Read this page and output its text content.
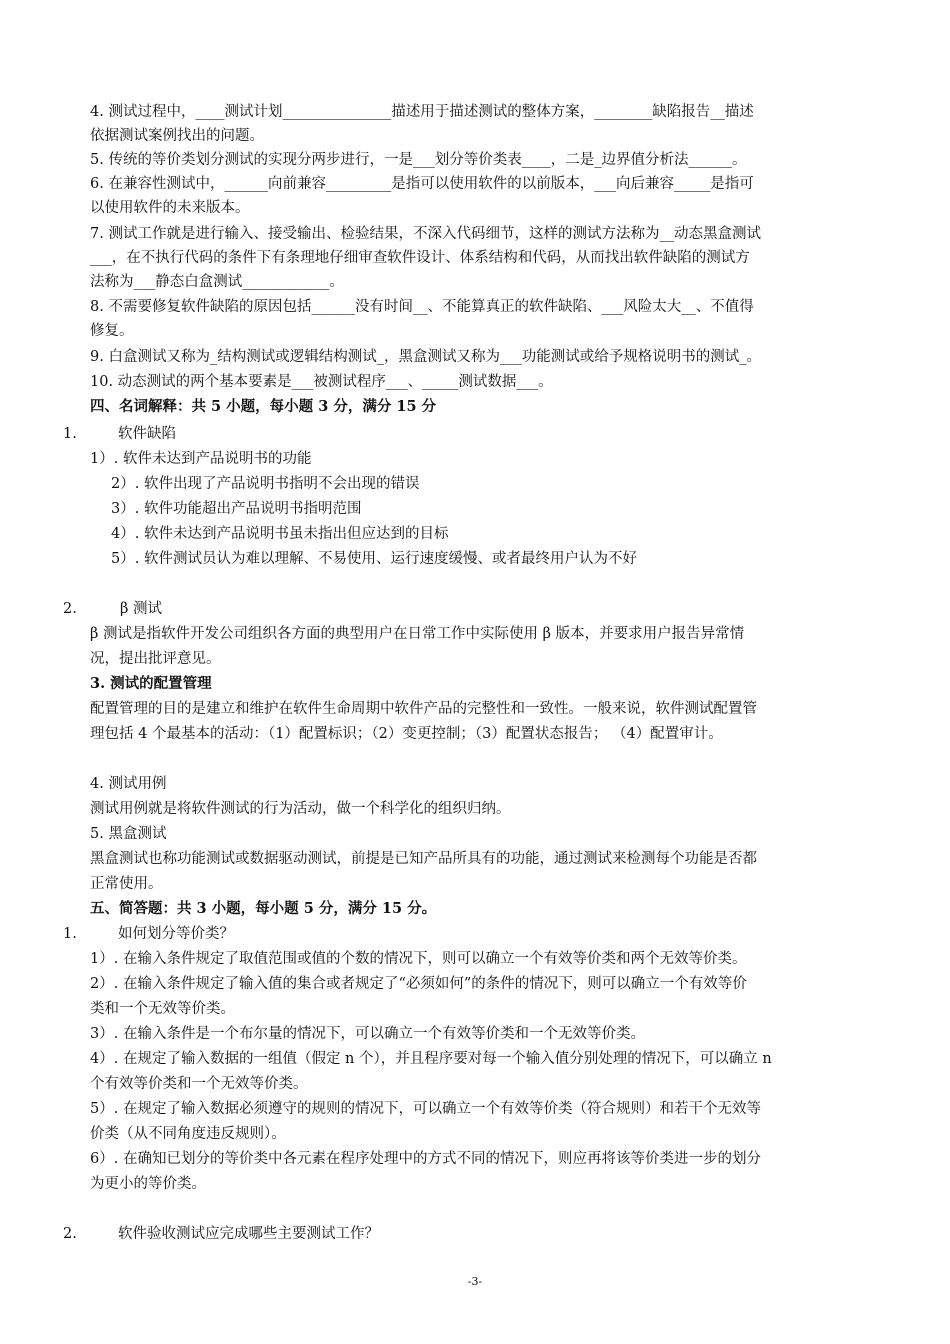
4. 测试过程中，____测试计划_______________描述用于描述测试的整体方案，________缺陷报告__描述
依据测试案例找出的问题。
5. 传统的等价类划分测试的实现分两步进行，一是___划分等价类表____，二是_边界值分析法______。
6. 在兼容性测试中，______向前兼容_________是指可以使用软件的以前版本，___向后兼容_____是指可
以使用软件的未来版本。
7. 测试工作就是进行输入、接受输出、检验结果，不深入代码细节，这样的测试方法称为__动态黑盒测试
___，在不执行代码的条件下有条理地仔细审查软件设计、体系结构和代码，从而找出软件缺陷的测试方
法称为___静态白盒测试____________。
8. 不需要修复软件缺陷的原因包括______没有时间__、不能算真正的软件缺陷、___风险太大__、不值得
修复。
9. 白盒测试又称为_结构测试或逻辑结构测试_，黑盒测试又称为___功能测试或给予规格说明书的测试_。
10. 动态测试的两个基本要素是___被测试程序___、_____测试数据___。
四、名词解释：共 5 小题，每小题 3 分，满分 15 分
软件缺陷
1）. 软件未达到产品说明书的功能
2）. 软件出现了产品说明书指明不会出现的错误
3）. 软件功能超出产品说明书指明范围
4）. 软件未达到产品说明书虽未指出但应达到的目标
5）. 软件测试员认为难以理解、不易使用、运行速度缓慢、或者最终用户认为不好
β 测试
β 测试是指软件开发公司组织各方面的典型用户在日常工作中实际使用 β 版本，并要求用户报告异常情
况，提出批评意见。
3. 测试的配置管理
配置管理的目的是建立和维护在软件生命周期中软件产品的完整性和一致性。一般来说，软件测试配置管
理包括 4 个最基本的活动：（1）配置标识；（2）变更控制；（3）配置状态报告； （4）配置审计。
4. 测试用例
测试用例就是将软件测试的行为活动，做一个科学化的组织归纳。
5. 黑盒测试
黑盒测试也称功能测试或数据驱动测试，前提是已知产品所具有的功能，通过测试来检测每个功能是否都
正常使用。
五、简答题：共 3 小题，每小题 5 分，满分 15 分。
如何划分等价类？
1）. 在输入条件规定了取值范围或值的个数的情况下，则可以确立一个有效等价类和两个无效等价类。
2）. 在输入条件规定了输入值的集合或者规定了“必须如何”的条件的情况下，则可以确立一个有效等价
类和一个无效等价类。
3）. 在输入条件是一个布尔量的情况下，可以确立一个有效等价类和一个无效等价类。
4）. 在规定了输入数据的一组值（假定 n 个），并且程序要对每一个输入值分别处理的情况下，可以确立 n
个有效等价类和一个无效等价类。
5）. 在规定了输入数据必须遵守的规则的情况下，可以确立一个有效等价类（符合规则）和若干个无效等
价类（从不同角度违反规则）。
6）. 在确知已划分的等价类中各元素在程序处理中的方式不同的情况下，则应再将该等价类进一步的划分
为更小的等价类。
软件验收测试应完成哪些主要测试工作？
1.
2.
1.
2.
-3-
